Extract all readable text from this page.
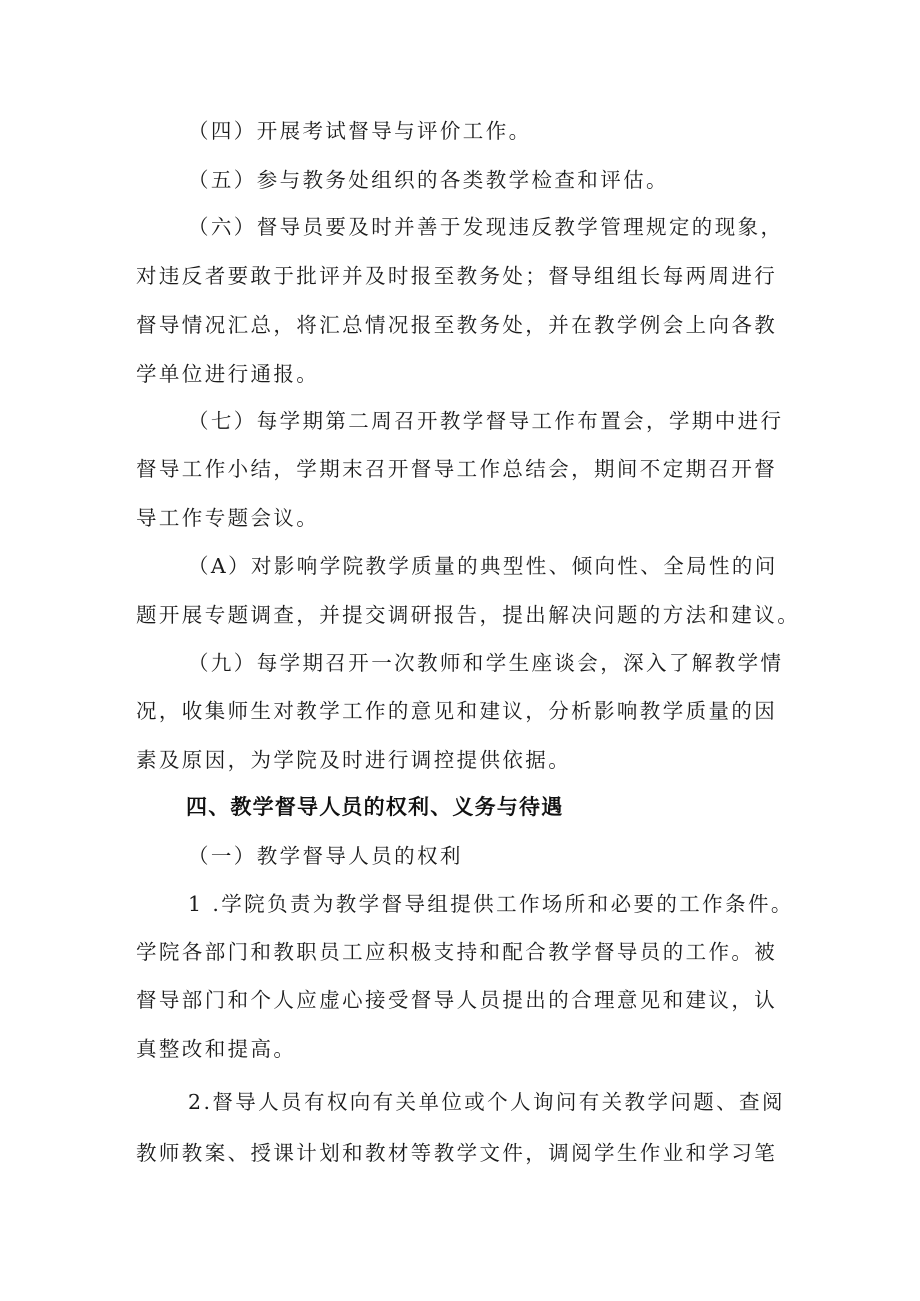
（四）开展考试督导与评价工作。
（五）参与教务处组织的各类教学检查和评估。
（六）督导员要及时并善于发现违反教学管理规定的现象，
对违反者要敢于批评并及时报至教务处；督导组组长每两周进行
督导情况汇总，将汇总情况报至教务处，并在教学例会上向各教
学单位进行通报。
（七）每学期第二周召开教学督导工作布置会，学期中进行
督导工作小结，学期末召开督导工作总结会，期间不定期召开督
导工作专题会议。
（A）对影响学院教学质量的典型性、倾向性、全局性的问
题开展专题调查，并提交调研报告，提出解决问题的方法和建议。
（九）每学期召开一次教师和学生座谈会，深入了解教学情
况，收集师生对教学工作的意见和建议，分析影响教学质量的因
素及原因，为学院及时进行调控提供依据。
四、教学督导人员的权利、义务与待遇
（一）教学督导人员的权利
1 .学院负责为教学督导组提供工作场所和必要的工作条件。
学院各部门和教职员工应积极支持和配合教学督导员的工作。被
督导部门和个人应虚心接受督导人员提出的合理意见和建议，认
真整改和提高。
2.督导人员有权向有关单位或个人询问有关教学问题、查阅
教师教案、授课计划和教材等教学文件，调阅学生作业和学习笔
